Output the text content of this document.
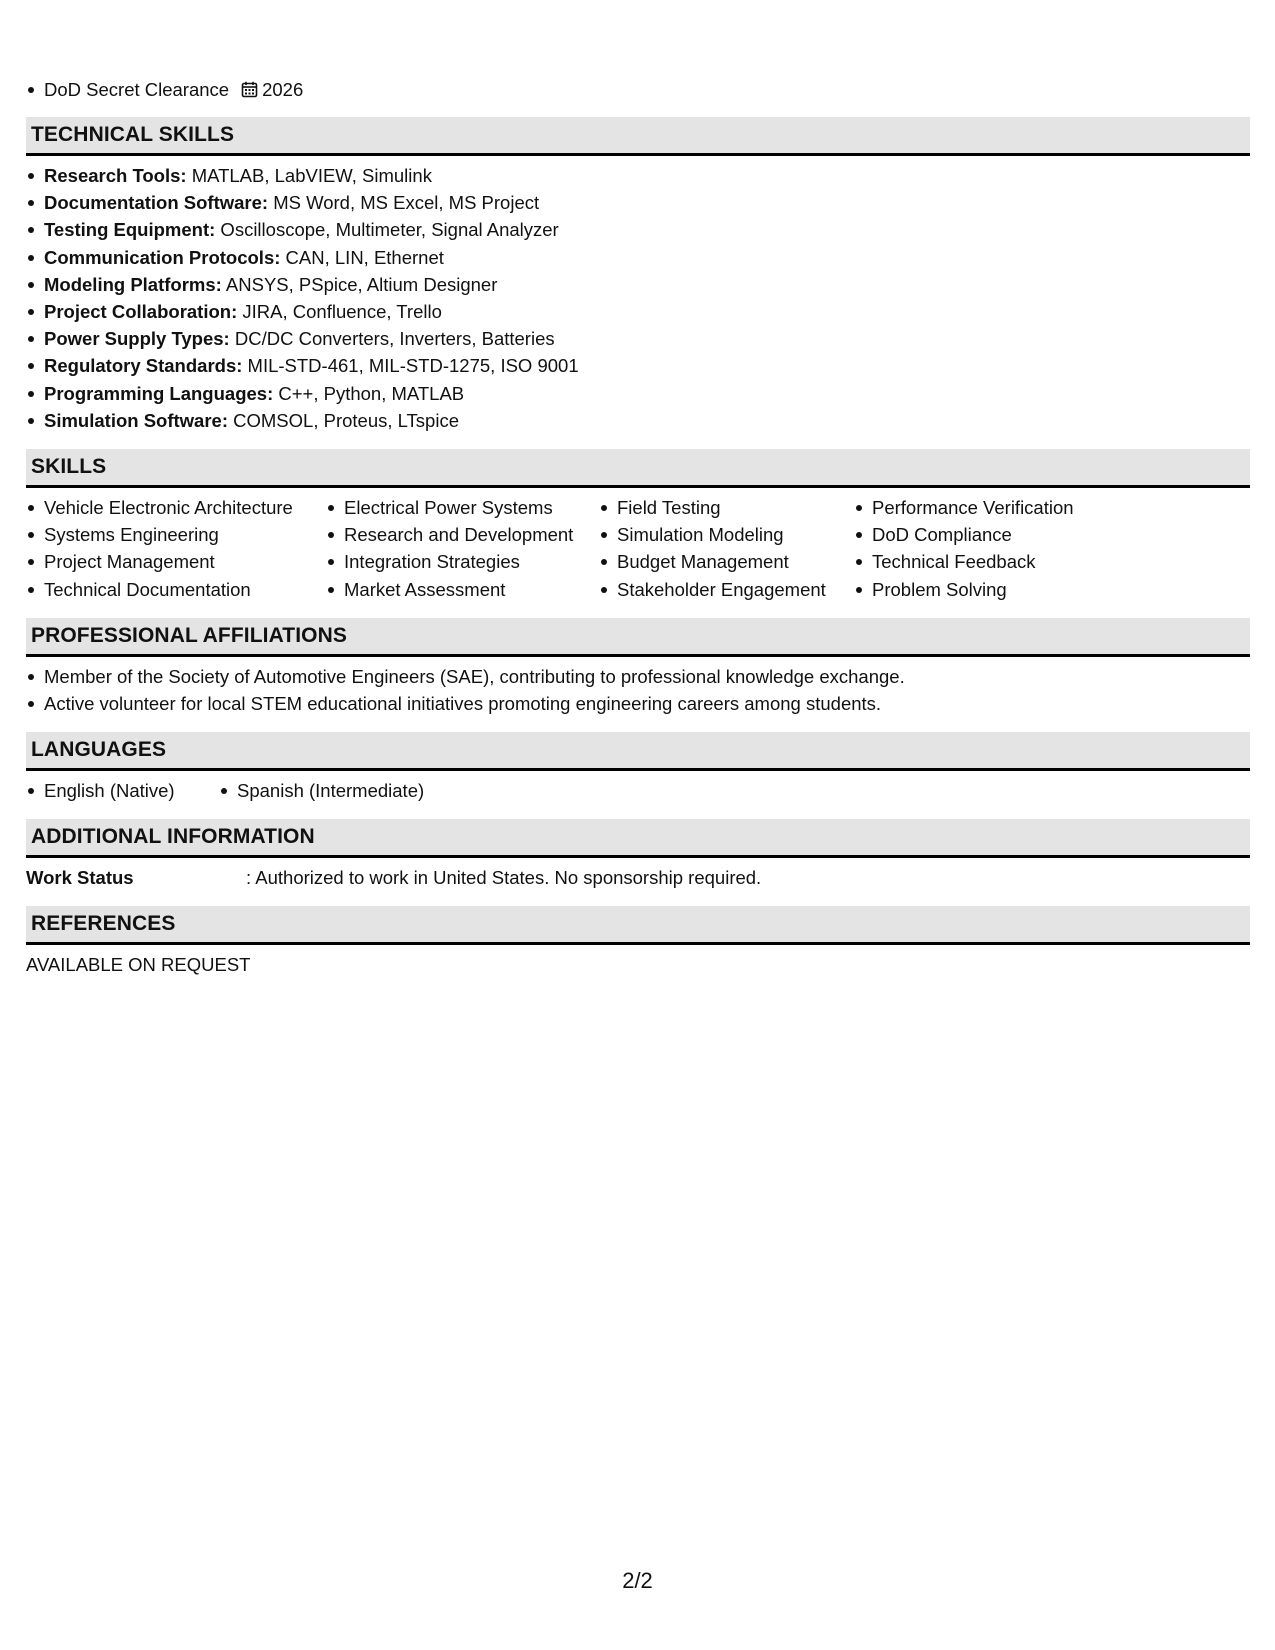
DoD Secret Clearance 2026
TECHNICAL SKILLS
Research Tools: MATLAB, LabVIEW, Simulink
Documentation Software: MS Word, MS Excel, MS Project
Testing Equipment: Oscilloscope, Multimeter, Signal Analyzer
Communication Protocols: CAN, LIN, Ethernet
Modeling Platforms: ANSYS, PSpice, Altium Designer
Project Collaboration: JIRA, Confluence, Trello
Power Supply Types: DC/DC Converters, Inverters, Batteries
Regulatory Standards: MIL-STD-461, MIL-STD-1275, ISO 9001
Programming Languages: C++, Python, MATLAB
Simulation Software: COMSOL, Proteus, LTspice
SKILLS
Vehicle Electronic Architecture
Systems Engineering
Project Management
Technical Documentation
Electrical Power Systems
Research and Development
Integration Strategies
Market Assessment
Field Testing
Simulation Modeling
Budget Management
Stakeholder Engagement
Performance Verification
DoD Compliance
Technical Feedback
Problem Solving
PROFESSIONAL AFFILIATIONS
Member of the Society of Automotive Engineers (SAE), contributing to professional knowledge exchange.
Active volunteer for local STEM educational initiatives promoting engineering careers among students.
LANGUAGES
English (Native)	Spanish (Intermediate)
ADDITIONAL INFORMATION
Work Status	: Authorized to work in United States. No sponsorship required.
REFERENCES
AVAILABLE ON REQUEST
2/2
